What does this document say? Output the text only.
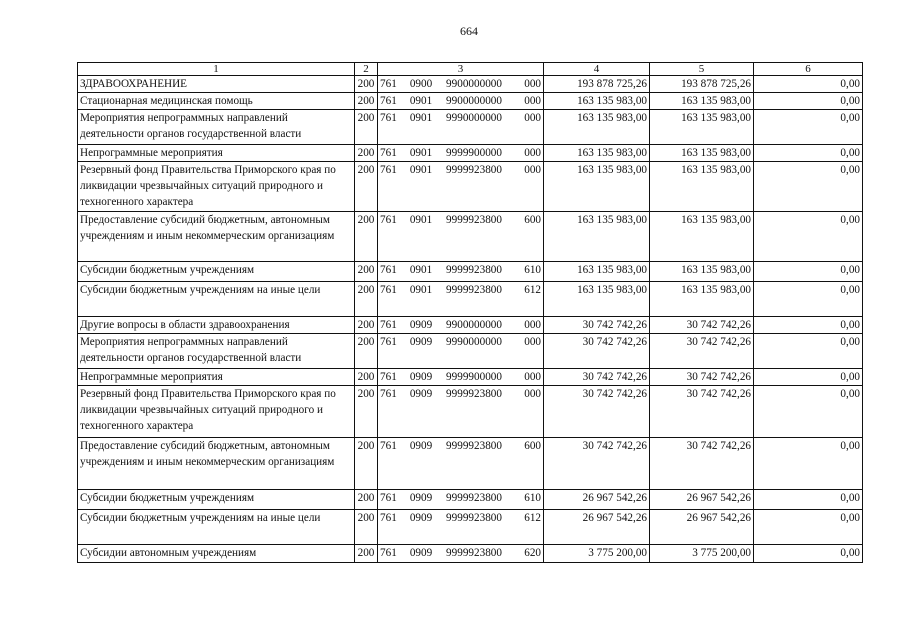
664
1	2	3	4	5	6
ЗДРАВООХРАНЕНИЕ	200	761 0900 9900000000 000	193 878 725,26	193 878 725,26	0,00
Стационарная медицинская помощь	200	761 0901 9900000000 000	163 135 983,00	163 135 983,00	0,00
Мероприятия непрограммных направлений деятельности органов государственной власти	200	761 0901 9990000000 000	163 135 983,00	163 135 983,00	0,00
Непрограммные мероприятия	200	761 0901 9999900000 000	163 135 983,00	163 135 983,00	0,00
Резервный фонд Правительства Приморского края по ликвидации чрезвычайных ситуаций природного и техногенного характера	200	761 0901 9999923800 000	163 135 983,00	163 135 983,00	0,00
Предоставление субсидий бюджетным, автономным учреждениям и иным некоммерческим организациям	200	761 0901 9999923800 600	163 135 983,00	163 135 983,00	0,00
Субсидии бюджетным учреждениям	200	761 0901 9999923800 610	163 135 983,00	163 135 983,00	0,00
Субсидии бюджетным учреждениям на иные цели	200	761 0901 9999923800 612	163 135 983,00	163 135 983,00	0,00
Другие вопросы в области здравоохранения	200	761 0909 9900000000 000	30 742 742,26	30 742 742,26	0,00
Мероприятия непрограммных направлений деятельности органов государственной власти	200	761 0909 9990000000 000	30 742 742,26	30 742 742,26	0,00
Непрограммные мероприятия	200	761 0909 9999900000 000	30 742 742,26	30 742 742,26	0,00
Резервный фонд Правительства Приморского края по ликвидации чрезвычайных ситуаций природного и техногенного характера	200	761 0909 9999923800 000	30 742 742,26	30 742 742,26	0,00
Предоставление субсидий бюджетным, автономным учреждениям и иным некоммерческим организациям	200	761 0909 9999923800 600	30 742 742,26	30 742 742,26	0,00
Субсидии бюджетным учреждениям	200	761 0909 9999923800 610	26 967 542,26	26 967 542,26	0,00
Субсидии бюджетным учреждениям на иные цели	200	761 0909 9999923800 612	26 967 542,26	26 967 542,26	0,00
Субсидии автономным учреждениям	200	761 0909 9999923800 620	3 775 200,00	3 775 200,00	0,00
